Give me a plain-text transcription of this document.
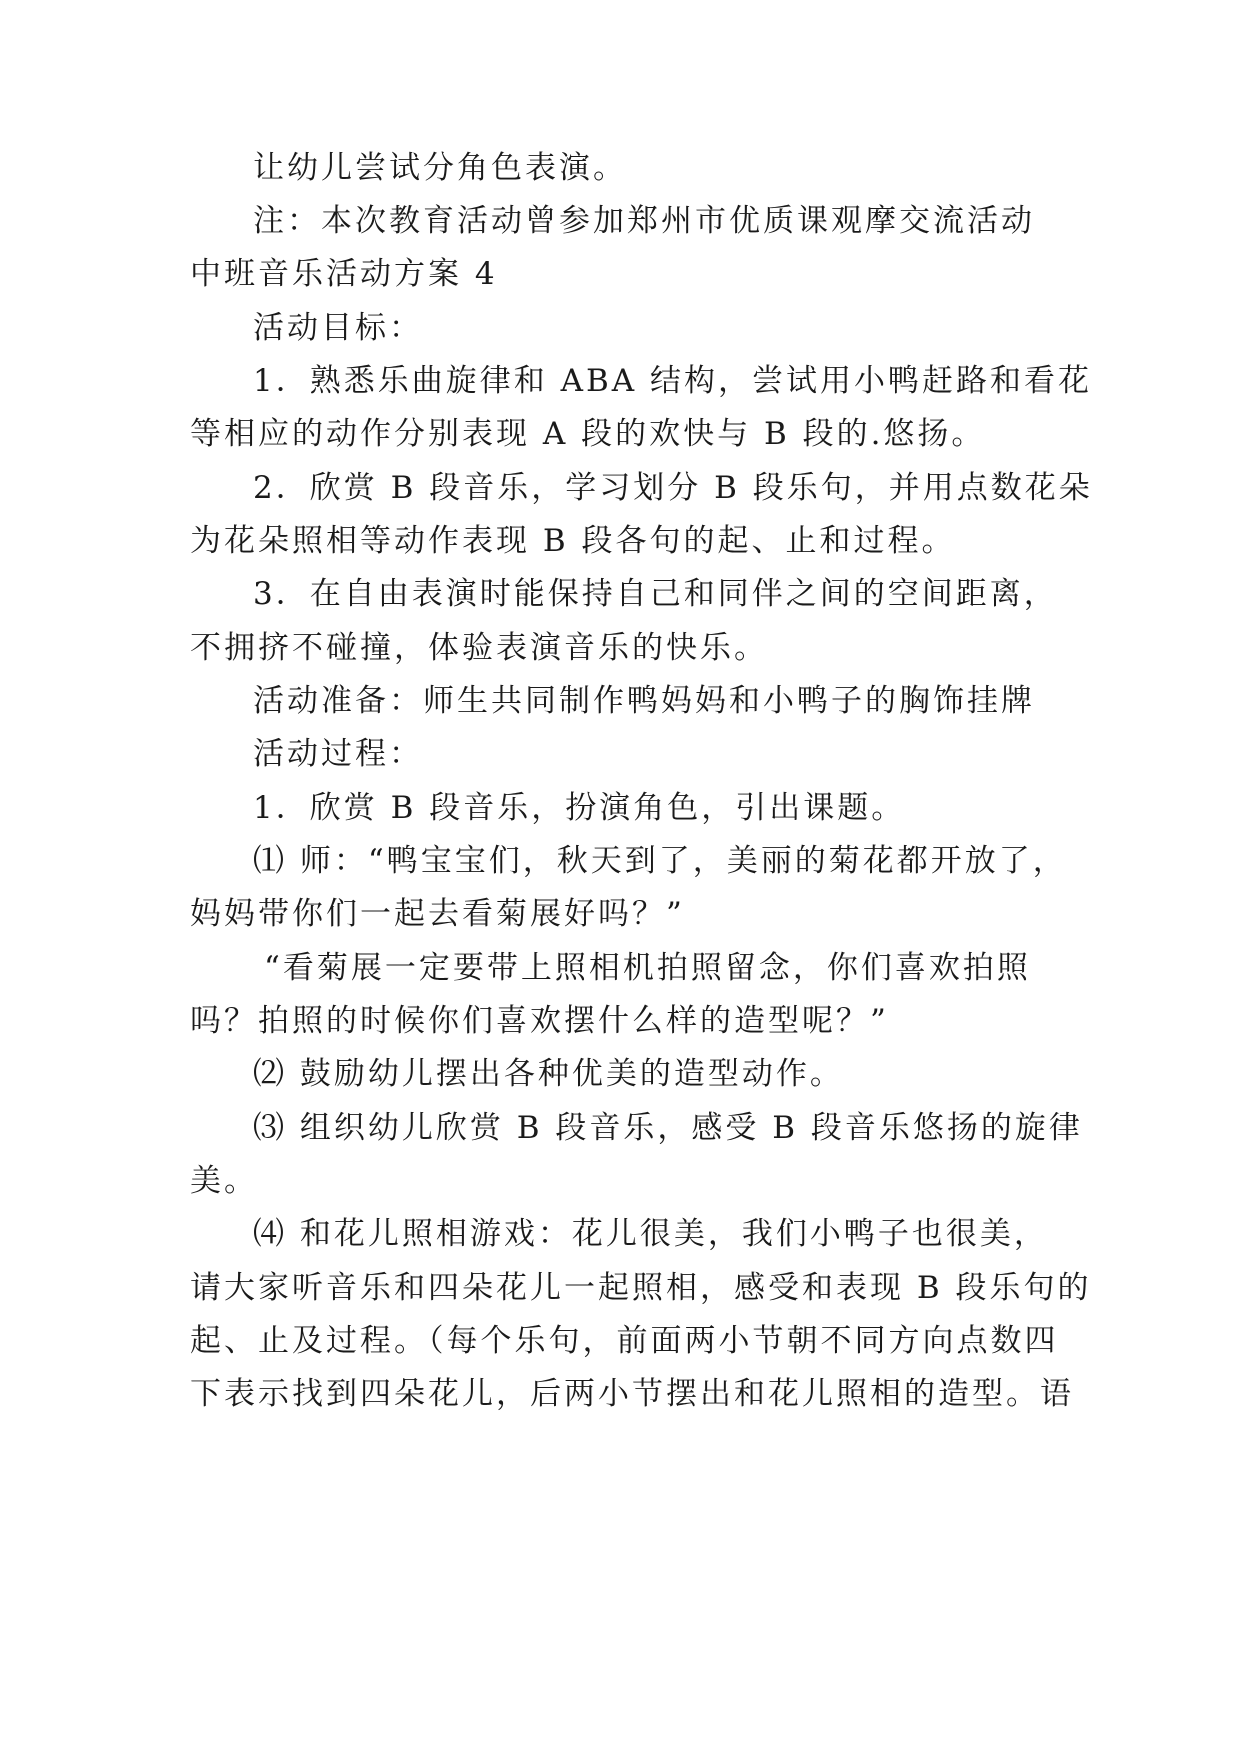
让幼儿尝试分角色表演。
注：本次教育活动曾参加郑州市优质课观摩交流活动
中班音乐活动方案 4
活动目标：
1．熟悉乐曲旋律和 ABA 结构，尝试用小鸭赶路和看花
等相应的动作分别表现 A 段的欢快与 B 段的.悠扬。
2．欣赏 B 段音乐，学习划分 B 段乐句，并用点数花朵
为花朵照相等动作表现 B 段各句的起、止和过程。
3．在自由表演时能保持自己和同伴之间的空间距离，
不拥挤不碰撞，体验表演音乐的快乐。
活动准备：师生共同制作鸭妈妈和小鸭子的胸饰挂牌
活动过程：
1．欣赏 B 段音乐，扮演角色，引出课题。
⑴ 师：“鸭宝宝们，秋天到了，美丽的菊花都开放了，
妈妈带你们一起去看菊展好吗？”
“看菊展一定要带上照相机拍照留念，你们喜欢拍照
吗？拍照的时候你们喜欢摆什么样的造型呢？”
⑵ 鼓励幼儿摆出各种优美的造型动作。
⑶ 组织幼儿欣赏 B 段音乐，感受 B 段音乐悠扬的旋律
美。
⑷ 和花儿照相游戏：花儿很美，我们小鸭子也很美，
请大家听音乐和四朵花儿一起照相，感受和表现 B 段乐句的
起、止及过程。（每个乐句，前面两小节朝不同方向点数四
下表示找到四朵花儿，后两小节摆出和花儿照相的造型。语
